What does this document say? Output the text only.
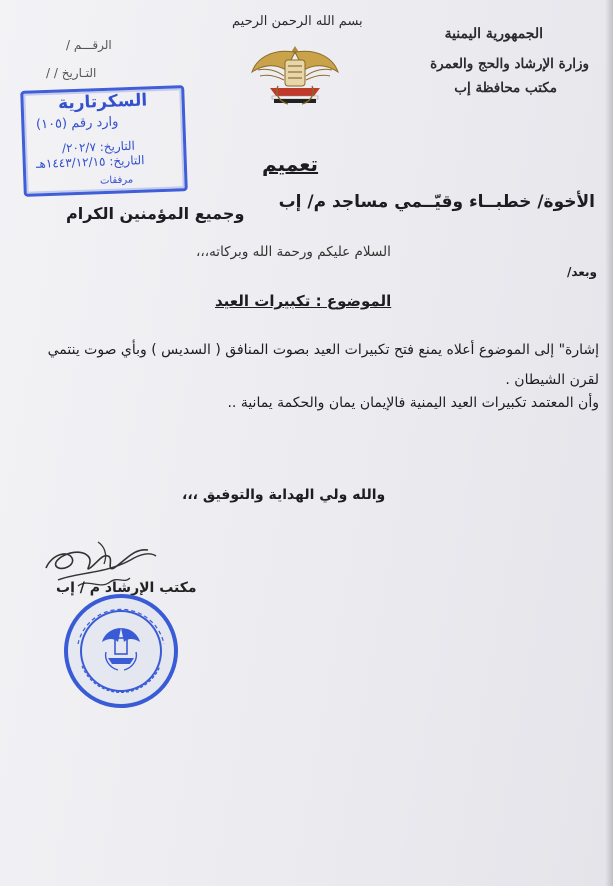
الجمهورية اليمنية
وزارة الإرشاد والحج والعمرة
مكتب محافظة إب
بسم الله الرحمن الرحيم
الرقـــم /
التـاريخ / /
السكرتارية
وارد رقم (١٠٥)
التاريخ: ٢٠٢/٧/
التاريخ: ١٤٤٣/١٢/١٥هـ
مرفقات
تعميم
الأخوة/ خطبــاء وقيّــمي مساجد م/ إب
وجميع المؤمنين الكرام
السلام عليكم ورحمة الله وبركاته،،،
وبعد/
الموضوع : تكبيرات العيد
إشارة" إلى الموضوع أعلاه يمنع فتح تكبيرات العيد بصوت المنافق ( السديس ) وبأي صوت ينتمي
لقرن الشيطان .
وأن المعتمد تكبيرات العيد اليمنية فالإيمان يمان والحكمة يمانية ..
والله ولي الهداية والتوفيق ،،،
مكتب الإرشاد م / إب
